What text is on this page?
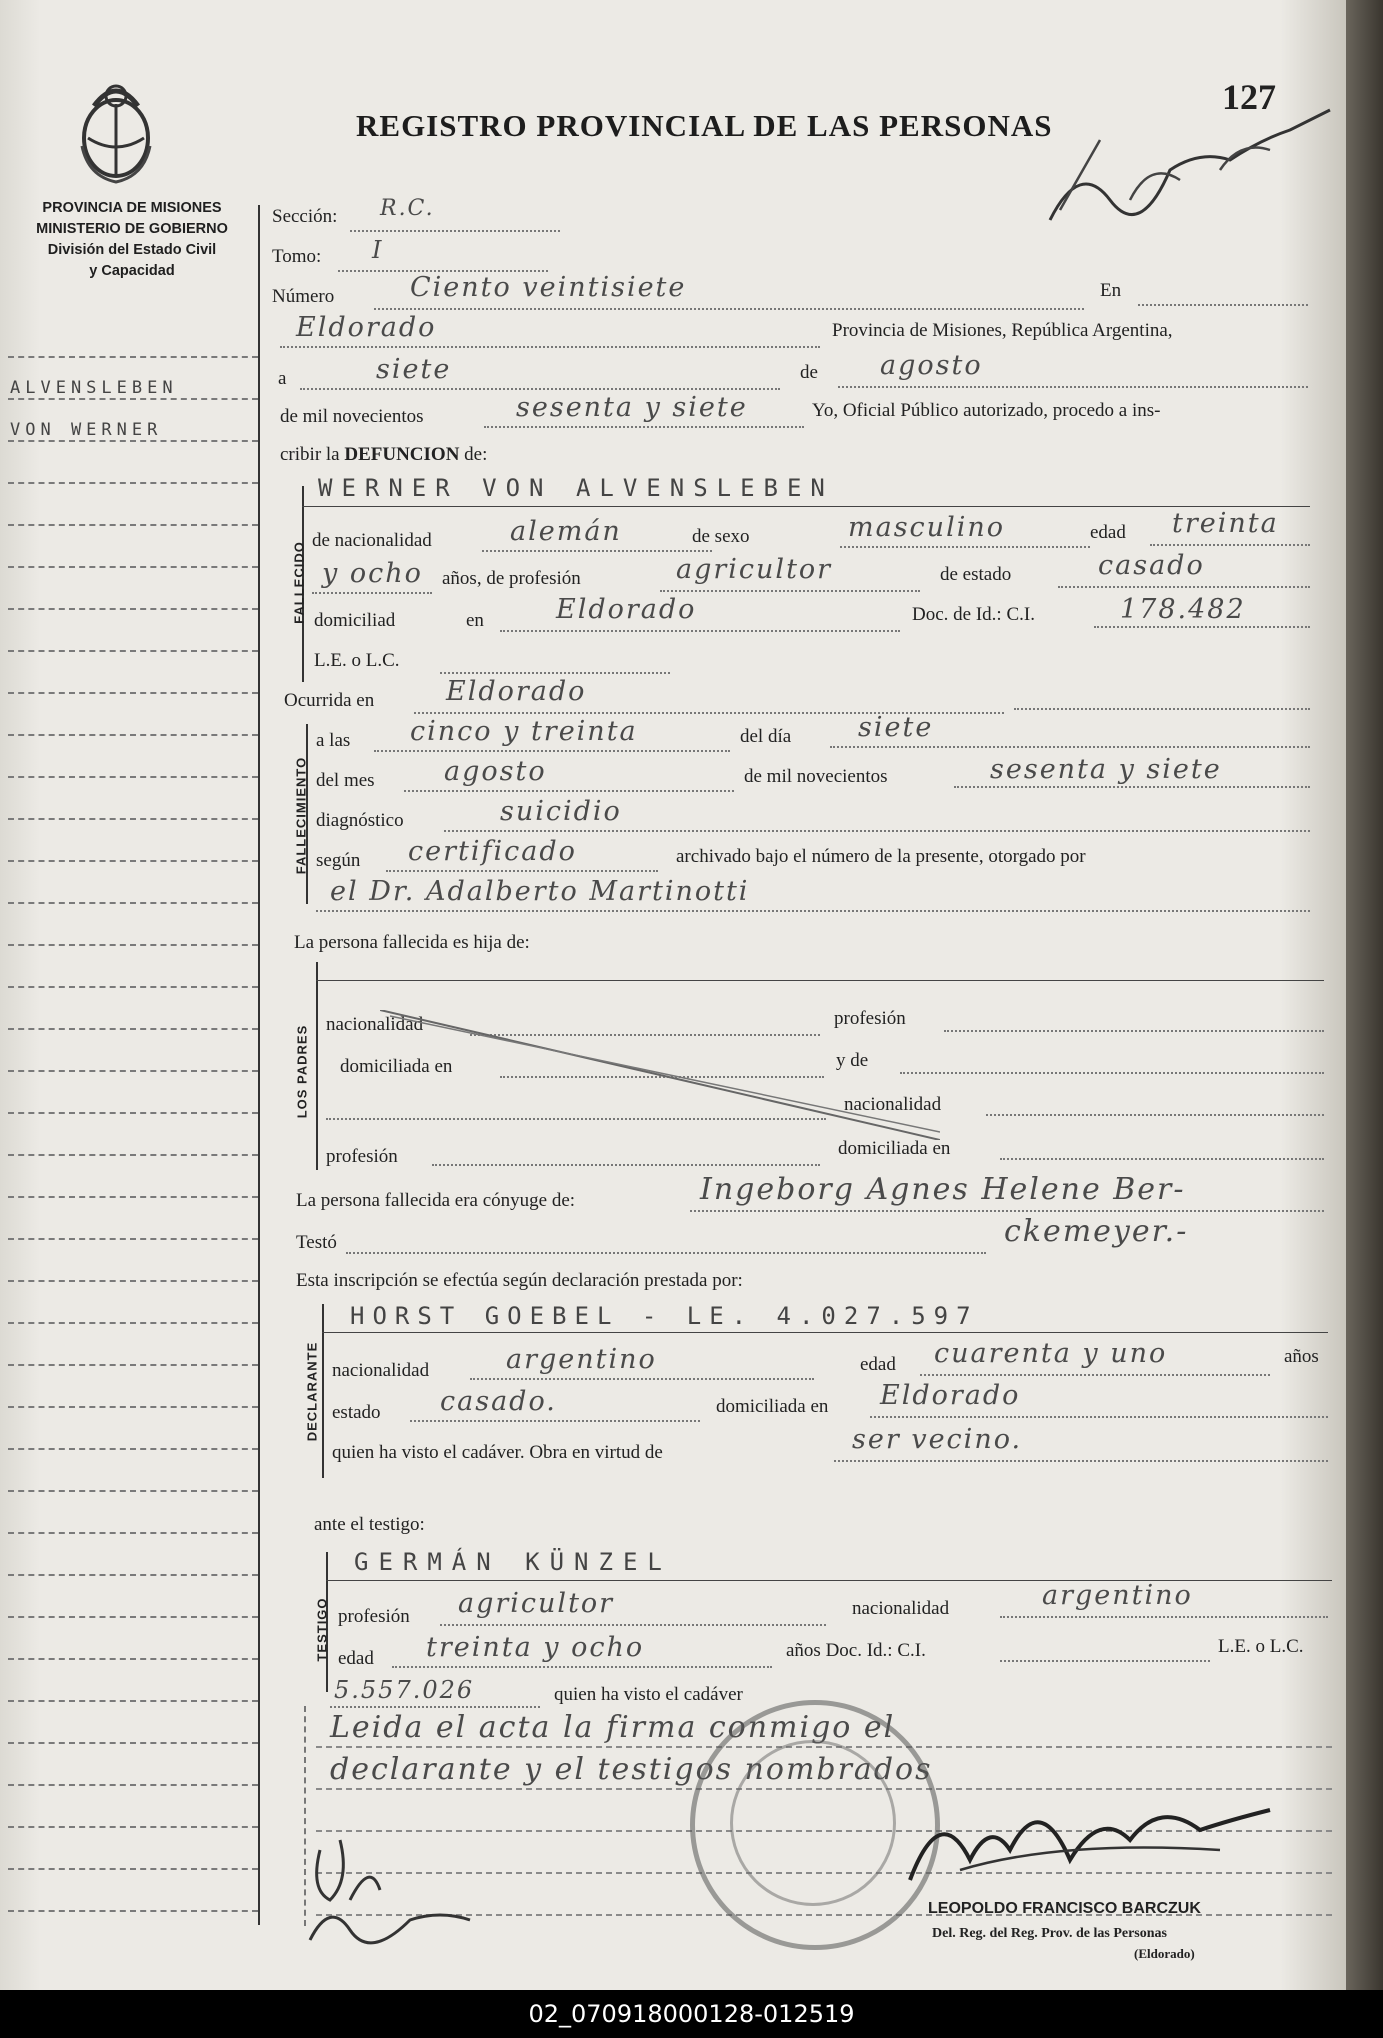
PROVINCIA DE MISIONES
MINISTERIO DE GOBIERNO
División del Estado Civil
y Capacidad
REGISTRO PROVINCIAL DE LAS PERSONAS
127
ALVENSLEBEN
VON WERNER
Sección: R.C.
Tomo: I
Número	Ciento veintisiete	En
Eldorado	Provincia de Misiones, República Argentina,
a	siete	de agosto
de mil novecientos	sesenta y siete	Yo, Oficial Público autorizado, procedo a ins-
cribir la DEFUNCION de:
FALLECIDO
WERNER VON ALVENSLEBEN
de nacionalidad	alemán	de sexo	masculino	edad treinta
y ocho años, de profesión	agricultor	de estado	casado
domiciliad	en	Eldorado	Doc. de Id.: C.I.	178.482
L.E. o L.C.
Ocurrida en	Eldorado
FALLECIMIENTO
a las cinco y treinta	del día siete
del mes	agosto	de mil novecientos	sesenta y siete
diagnóstico	suicidio
según certificado	archivado bajo el número de la presente, otorgado por
el Dr. Adalberto Martinotti
La persona fallecida es hija de:
LOS PADRES
nacionalidad	profesión
domiciliada en	y de
nacionalidad
profesión	domiciliada en
La persona fallecida era cónyuge de:	Ingeborg Agnes Helene Ber-
Testó	ckemeyer.-
Esta inscripción se efectúa según declaración prestada por:
DECLARANTE
HORST GOEBEL - LE. 4.027.597
nacionalidad	argentino	edad cuarenta y uno	años
estado casado.	domiciliada en Eldorado
quien ha visto el cadáver. Obra en virtud de	ser vecino.
ante el testigo:
TESTIGO
GERMÁN KÜNZEL
profesión agricultor	nacionalidad	argentino
edad treinta y ocho	años Doc. Id.: C.I.	L.E. o L.C.
5.557.026	quien ha visto el cadáver
Leida el acta la firma conmigo el
declarante y el testigos nombrados
LEOPOLDO FRANCISCO BARCZUK
Del. Reg. del Reg. Prov. de las Personas
(Eldorado)
02_070918000128-012519
